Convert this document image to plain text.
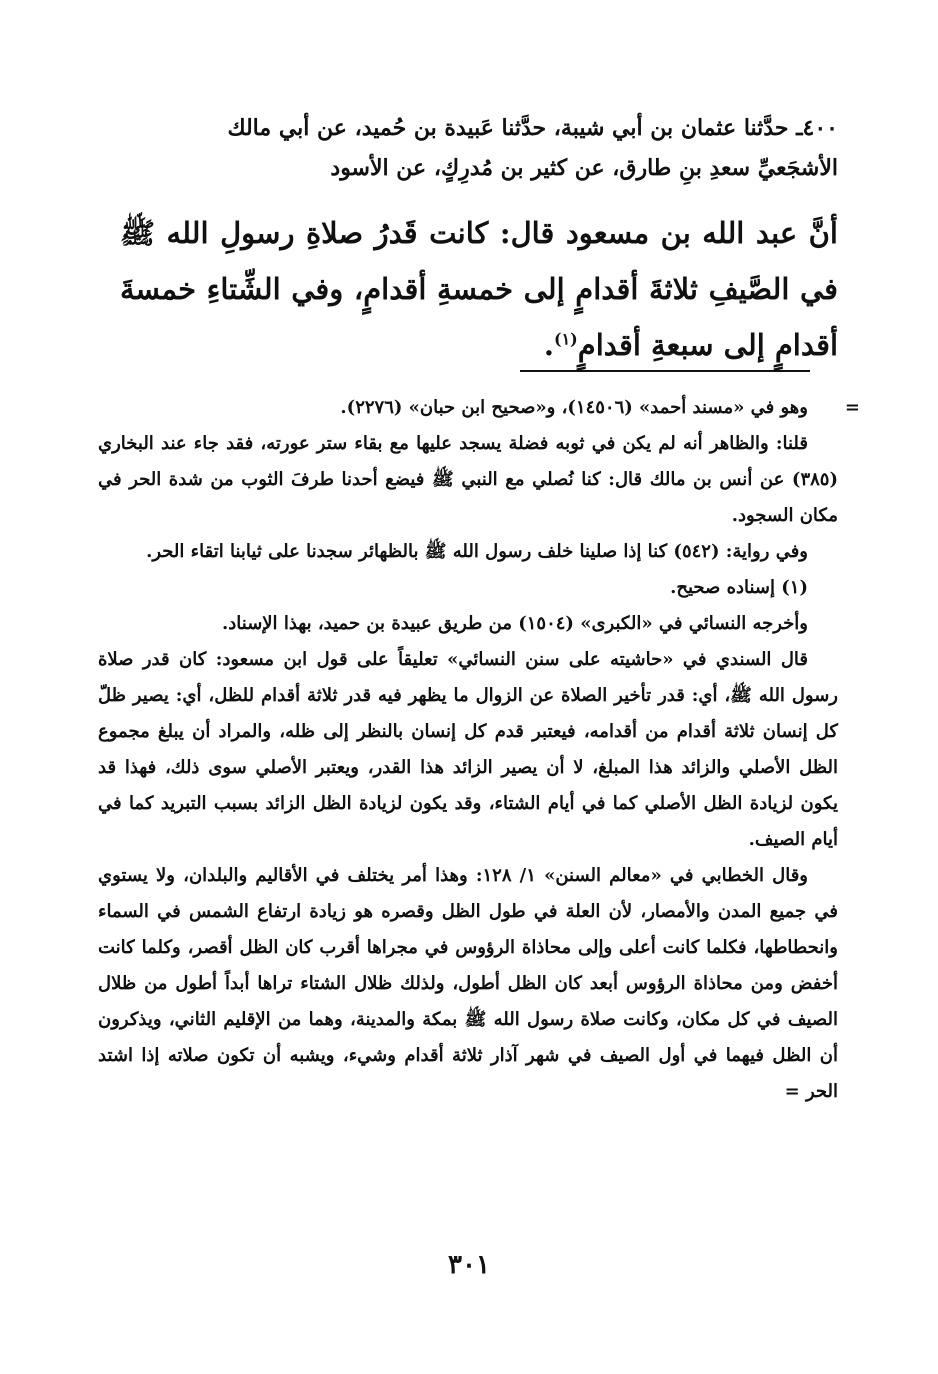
٤٠٠ـ حدَّثنا عثمان بن أبي شيبة، حدَّثنا عَبيدة بن حُميد، عن أبي مالك

الأشجَعيِّ سعدِ بنِ طارق، عن كثير بن مُدرِكٍ، عن الأسود

أنَّ عبد الله بن مسعود قال: كانت قَدرُ صلاةِ رسولِ الله ﷺ في الصَّيفِ ثلاثةَ أقدامٍ إلى خمسةِ أقدامٍ، وفي الشِّتاءِ خمسةَ أقدامٍ إلى سبعةِ أقدامٍ$^{(١)}$.

=
وهو في «مسند أحمد» (١٤٥٠٦)، و«صحيح ابن حبان» (٢٢٧٦).

قلنا: والظاهر أنه لم يكن في ثوبه فضلة يسجد عليها مع بقاء ستر عورته، فقد جاء عند البخاري (٣٨٥) عن أنس بن مالك قال: كنا نُصلي مع النبي ﷺ فيضع أحدنا طرفَ الثوب من شدة الحر في مكان السجود.

وفي رواية: (٥٤٢) كنا إذا صلينا خلف رسول الله ﷺ بالظهائر سجدنا على ثيابنا اتقاء الحر.

(١) إسناده صحيح.

وأخرجه النسائي في «الكبرى» (١٥٠٤) من طريق عبيدة بن حميد، بهذا الإسناد.

قال السندي في «حاشيته على سنن النسائي» تعليقاً على قول ابن مسعود: كان قدر صلاة رسول الله ﷺ، أي: قدر تأخير الصلاة عن الزوال ما يظهر فيه قدر ثلاثة أقدام للظل، أي: يصير ظلّ كل إنسان ثلاثة أقدام من أقدامه، فيعتبر قدم كل إنسان بالنظر إلى ظله، والمراد أن يبلغ مجموع الظل الأصلي والزائد هذا المبلغ، لا أن يصير الزائد هذا القدر، ويعتبر الأصلي سوى ذلك، فهذا قد يكون لزيادة الظل الأصلي كما في أيام الشتاء، وقد يكون لزيادة الظل الزائد بسبب التبريد كما في أيام الصيف.

وقال الخطابي في «معالم السنن» ١/ ١٢٨: وهذا أمر يختلف في الأقاليم والبلدان، ولا يستوي في جميع المدن والأمصار، لأن العلة في طول الظل وقصره هو زيادة ارتفاع الشمس في السماء وانحطاطها، فكلما كانت أعلى وإلى محاذاة الرؤوس في مجراها أقرب كان الظل أقصر، وكلما كانت أخفض ومن محاذاة الرؤوس أبعد كان الظل أطول، ولذلك ظلال الشتاء تراها أبداً أطول من ظلال الصيف في كل مكان، وكانت صلاة رسول الله ﷺ بمكة والمدينة، وهما من الإقليم الثاني، ويذكرون أن الظل فيهما في أول الصيف في شهر آذار ثلاثة أقدام وشيء، ويشبه أن تكون صلاته إذا اشتد الحر =

٣٠١
